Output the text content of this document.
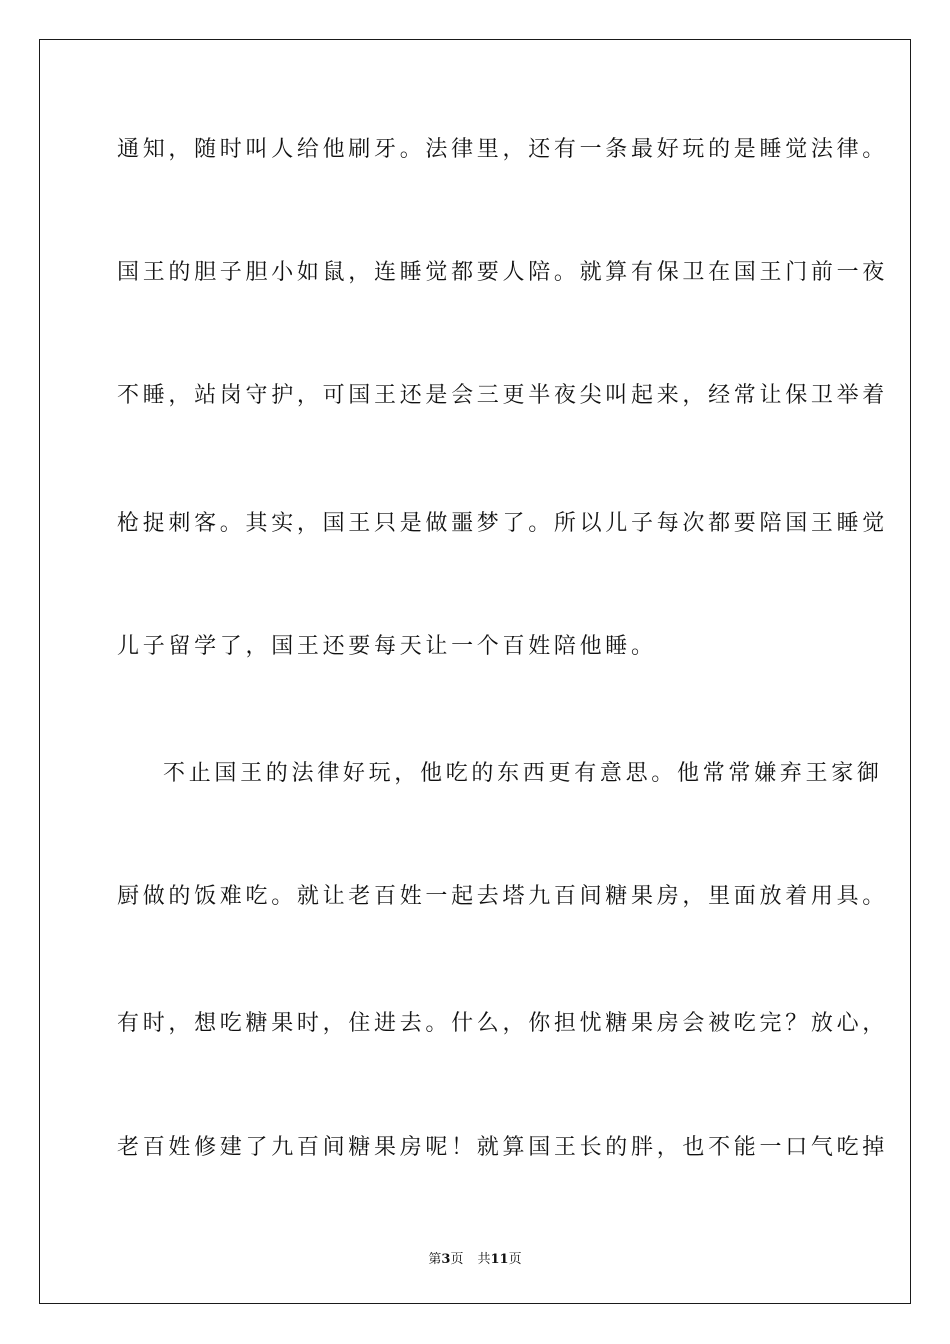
通知，随时叫人给他刷牙。法律里，还有一条最好玩的是睡觉法律。
国王的胆子胆小如鼠，连睡觉都要人陪。就算有保卫在国王门前一夜
不睡，站岗守护，可国王还是会三更半夜尖叫起来，经常让保卫举着
枪捉刺客。其实，国王只是做噩梦了。所以儿子每次都要陪国王睡觉
儿子留学了，国王还要每天让一个百姓陪他睡。
不止国王的法律好玩，他吃的东西更有意思。他常常嫌弃王家御
厨做的饭难吃。就让老百姓一起去塔九百间糖果房，里面放着用具。
有时，想吃糖果时，住进去。什么，你担忧糖果房会被吃完？放心，
老百姓修建了九百间糖果房呢！就算国王长的胖，也不能一口气吃掉
第3页 共11页
